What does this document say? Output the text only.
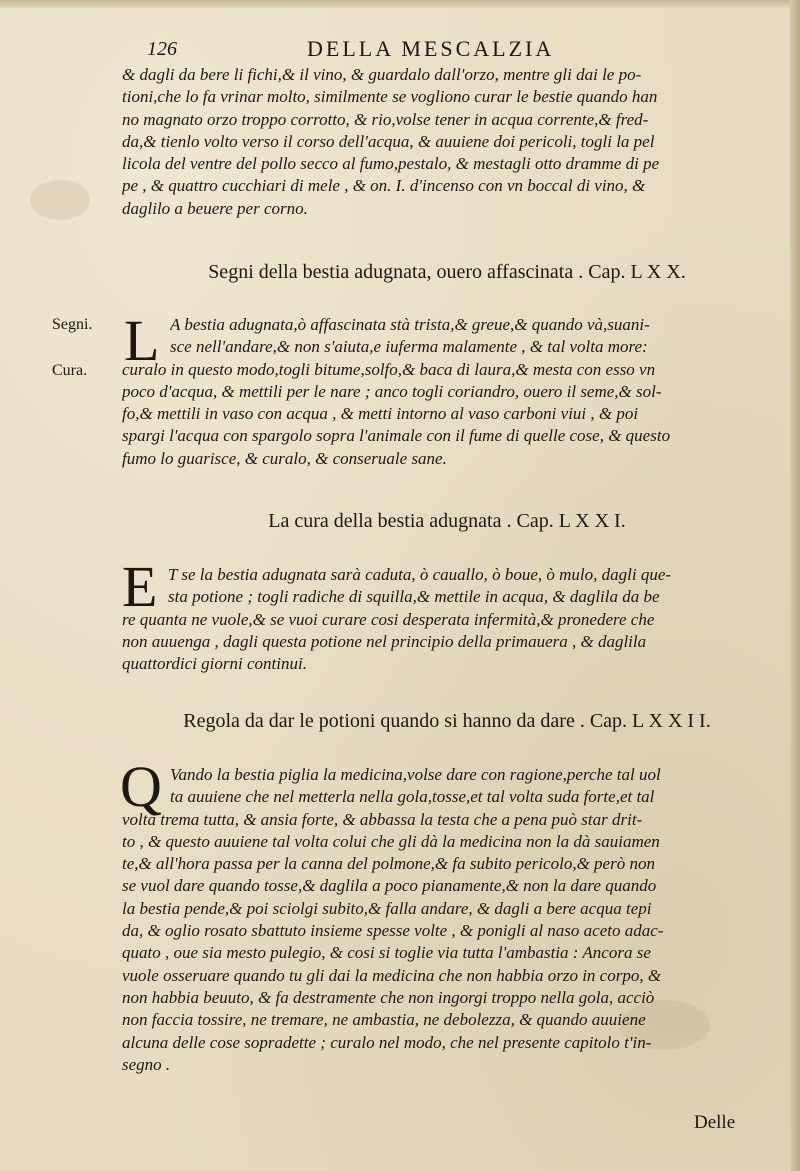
126	DELLA MESCALZIA
& dagli da bere li fichi,& il vino, & guardalo dall'orzo, mentre gli dai le po-
tioni,che lo fa vrinar molto, similmente se vogliono curar le bestie quando han
no magnato orzo troppo corrotto, & rio,volse tener in acqua corrente,& fred-
da,& tienlo volto verso il corso dell'acqua, & auuiene doi pericoli, togli la pel
licola del ventre del pollo secco al fumo,pestalo, & mestagli otto dramme di pe
pe , & quattro cucchiari di mele , & on. I. d'incenso con vn boccal di vino, &
daglilo a beuere per corno.
Segni della bestia adugnata, ouero affascinata . Cap. L X X.
Segni.
Cura. L A bestia adugnata,ò affascinata stà trista,& greue,& quando và,suani-
sce nell'andare,& non s'aiuta,e iuferma malamente , & tal volta more:
curalo in questo modo,togli bitume,solfo,& baca di laura,& mesta con esso vn
poco d'acqua, & mettili per le nare ; anco togli coriandro, ouero il seme,& sol-
fo,& mettili in vaso con acqua , & metti intorno al vaso carboni viui , & poi
spargi l'acqua con spargolo sopra l'animale con il fume di quelle cose, & questo
fumo lo guarisce, & curalo, & conseruale sane.
La cura della bestia adugnata . Cap. L X X I.
E T se la bestia adugnata sarà caduta, ò cauallo, ò boue, ò mulo, dagli que-
sta potione ; togli radiche di squilla,& mettile in acqua, & daglila da be
re quanta ne vuole,& se vuoi curare cosi desperata infermità,& pronedere che
non auuenga , dagli questa potione nel principio della primauera , & daglila
quattordici giorni continui.
Regola da dar le potioni quando si hanno da dare . Cap. L X X I I.
Q Vando la bestia piglia la medicina,volse dare con ragione,perche tal uol
ta auuiene che nel metterla nella gola,tosse,et tal volta suda forte,et tal
volta trema tutta, & ansia forte, & abbassa la testa che a pena può star drit-
to , & questo auuiene tal volta colui che gli dà la medicina non la dà sauiamen
te,& all'hora passa per la canna del polmone,& fa subito pericolo,& però non
se vuol dare quando tosse,& daglila a poco pianamente,& non la dare quando
la bestia pende,& poi sciolgi subito,& falla andare, & dagli a bere acqua tepi
da, & oglio rosato sbattuto insieme spesse volte , & ponigli al naso aceto adac-
quato , oue sia mesto pulegio, & cosi si toglie via tutta l'ambastia : Ancora se
vuole osseruare quando tu gli dai la medicina che non habbia orzo in corpo, &
non habbia beuuto, & fa destramente che non ingorgi troppo nella gola, acciò
non faccia tossire, ne tremare, ne ambastia, ne debolezza, & quando auuiene
alcuna delle cose sopradette ; curalo nel modo, che nel presente capitolo t'in-
segno .
Delle
